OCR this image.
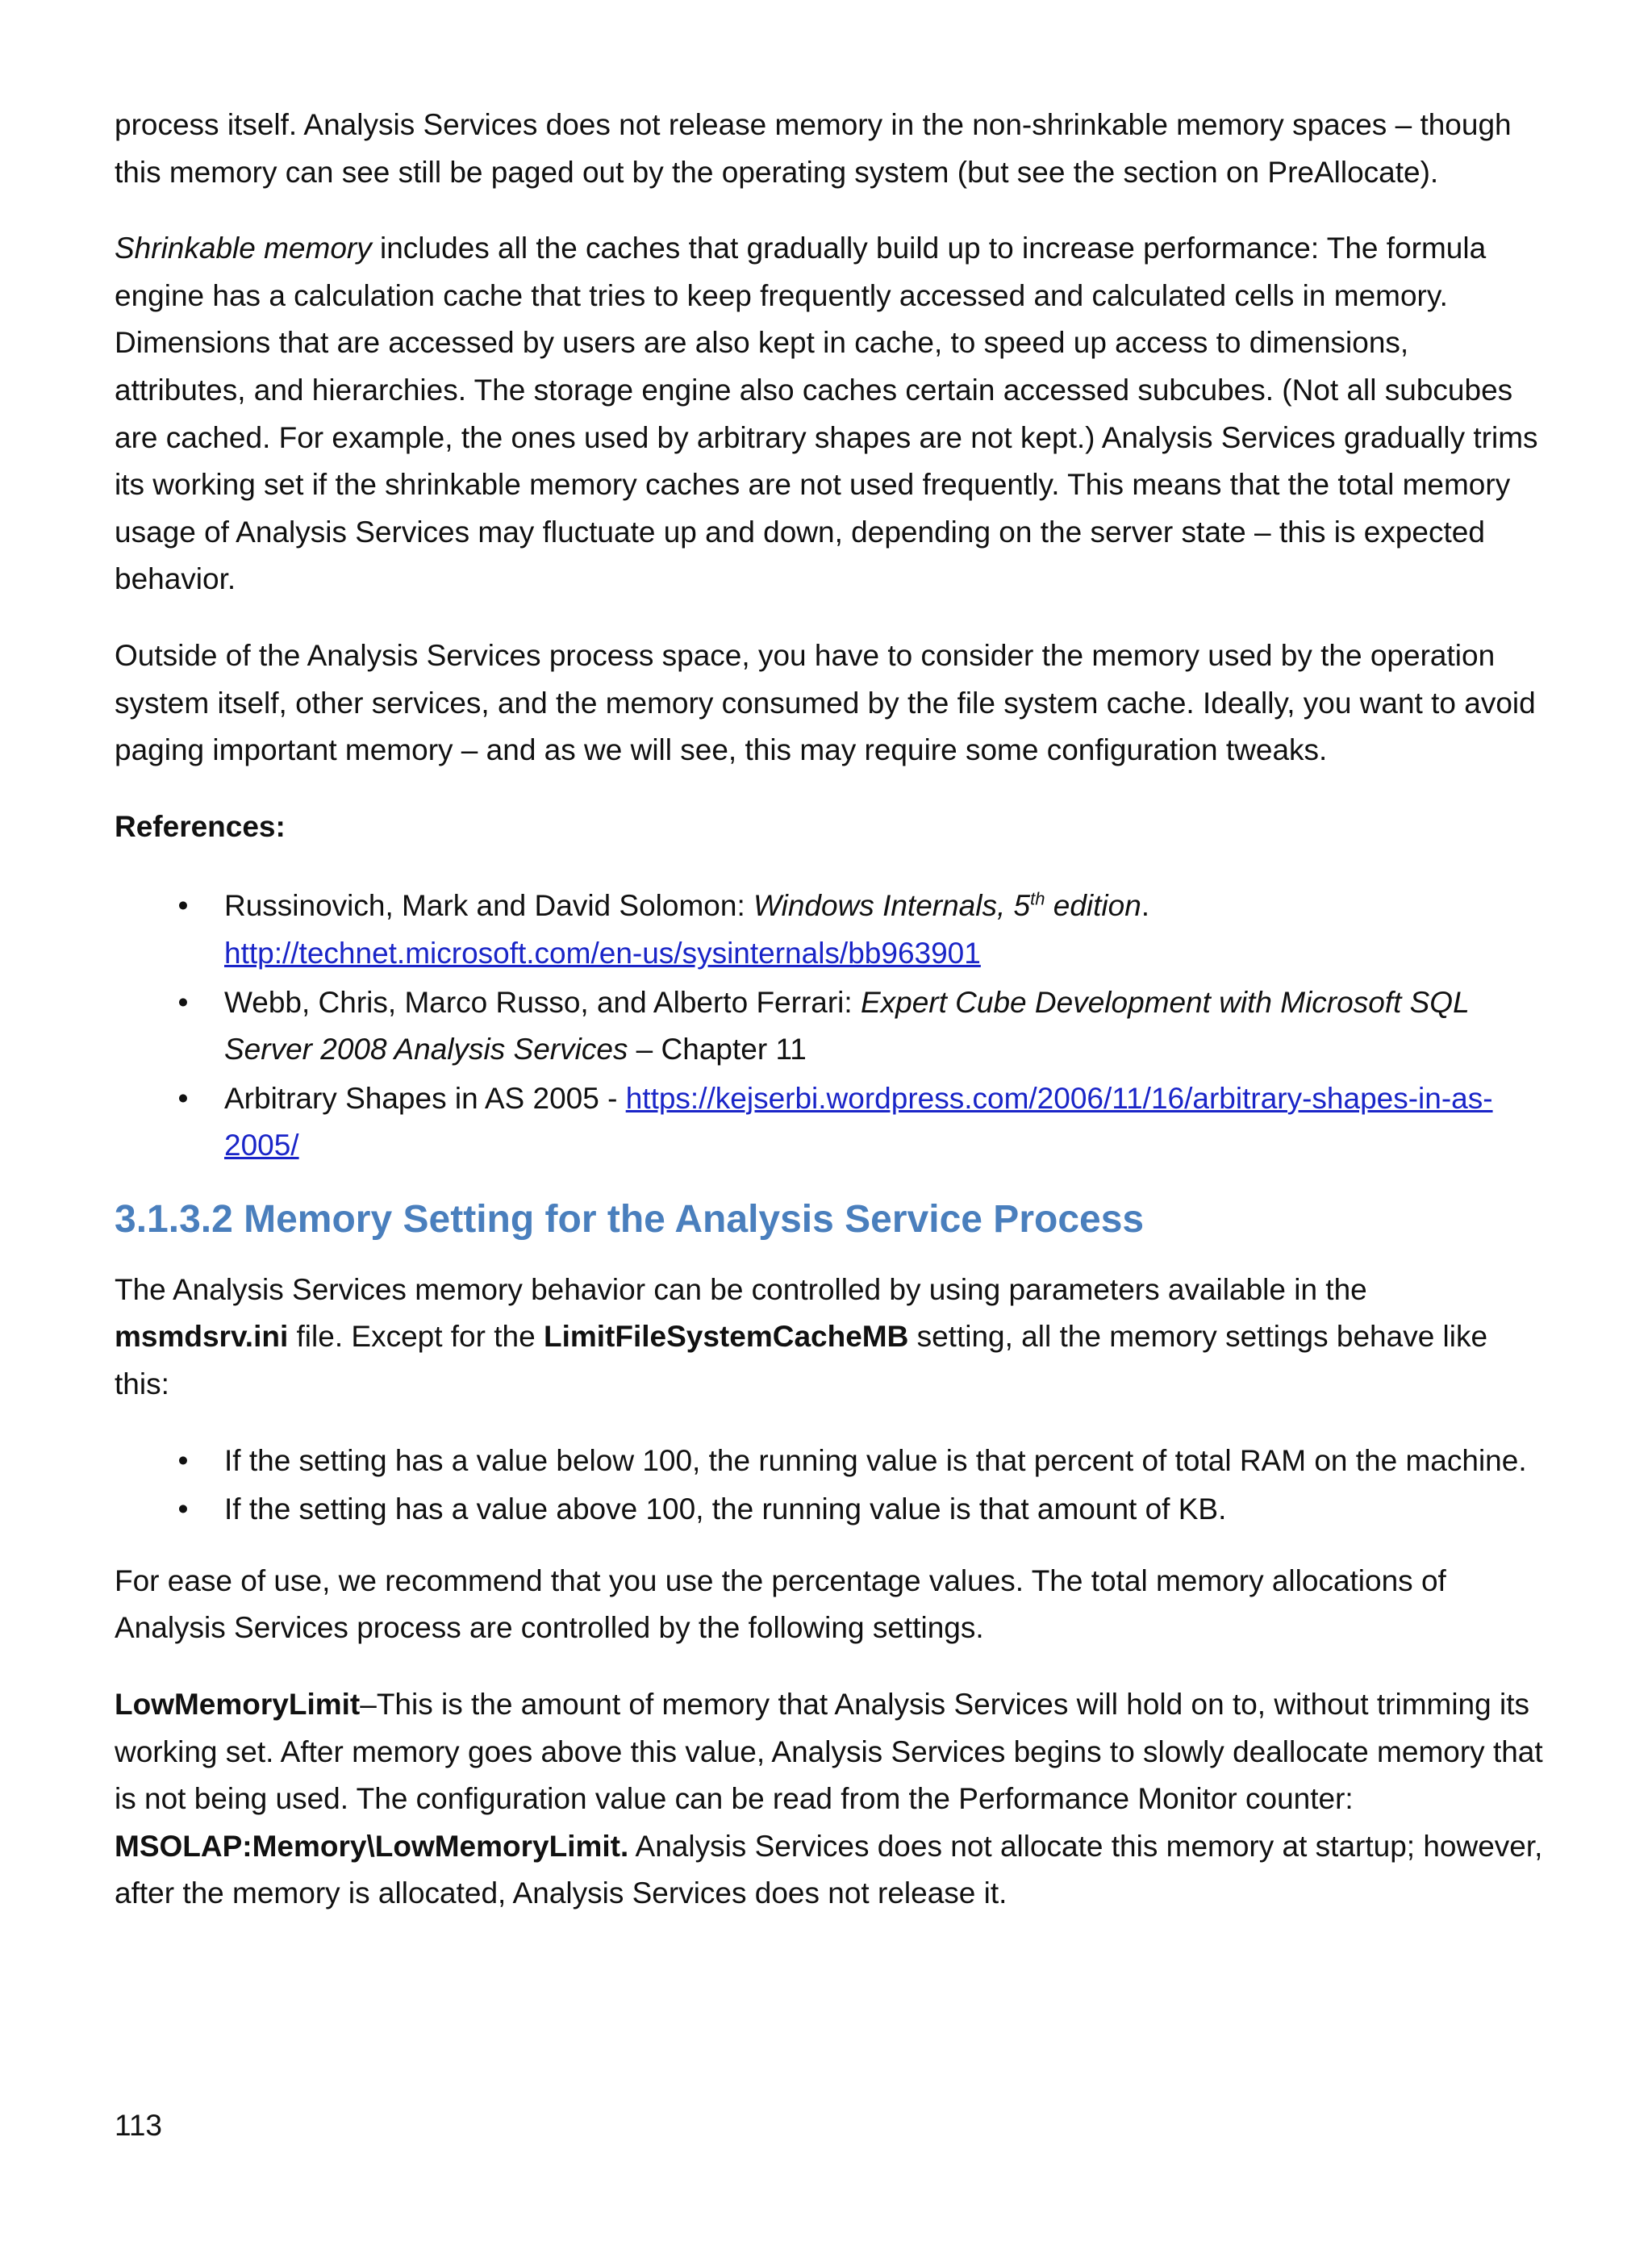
process itself. Analysis Services does not release memory in the non-shrinkable memory spaces – though this memory can see still be paged out by the operating system (but see the section on PreAllocate).

Shrinkable memory includes all the caches that gradually build up to increase performance: The formula engine has a calculation cache that tries to keep frequently accessed and calculated cells in memory. Dimensions that are accessed by users are also kept in cache, to speed up access to dimensions, attributes, and hierarchies. The storage engine also caches certain accessed subcubes. (Not all subcubes are cached. For example, the ones used by arbitrary shapes are not kept.) Analysis Services gradually trims its working set if the shrinkable memory caches are not used frequently. This means that the total memory usage of Analysis Services may fluctuate up and down, depending on the server state – this is expected behavior.

Outside of the Analysis Services process space, you have to consider the memory used by the operation system itself, other services, and the memory consumed by the file system cache. Ideally, you want to avoid paging important memory – and as we will see, this may require some configuration tweaks.

References:

• Russinovich, Mark and David Solomon: Windows Internals, 5th edition.
http://technet.microsoft.com/en-us/sysinternals/bb963901
• Webb, Chris, Marco Russo, and Alberto Ferrari: Expert Cube Development with Microsoft SQL Server 2008 Analysis Services – Chapter 11
• Arbitrary Shapes in AS 2005 - https://kejserbi.wordpress.com/2006/11/16/arbitrary-shapes-in-as-2005/
3.1.3.2 Memory Setting for the Analysis Service Process

The Analysis Services memory behavior can be controlled by using parameters available in the msmdsrv.ini file. Except for the LimitFileSystemCacheMB setting, all the memory settings behave like this:

• If the setting has a value below 100, the running value is that percent of total RAM on the machine.
• If the setting has a value above 100, the running value is that amount of KB.

For ease of use, we recommend that you use the percentage values. The total memory allocations of Analysis Services process are controlled by the following settings.

LowMemoryLimit–This is the amount of memory that Analysis Services will hold on to, without trimming its working set. After memory goes above this value, Analysis Services begins to slowly deallocate memory that is not being used. The configuration value can be read from the Performance Monitor counter: MSOLAP:Memory\LowMemoryLimit. Analysis Services does not allocate this memory at startup; however, after the memory is allocated, Analysis Services does not release it.

113
